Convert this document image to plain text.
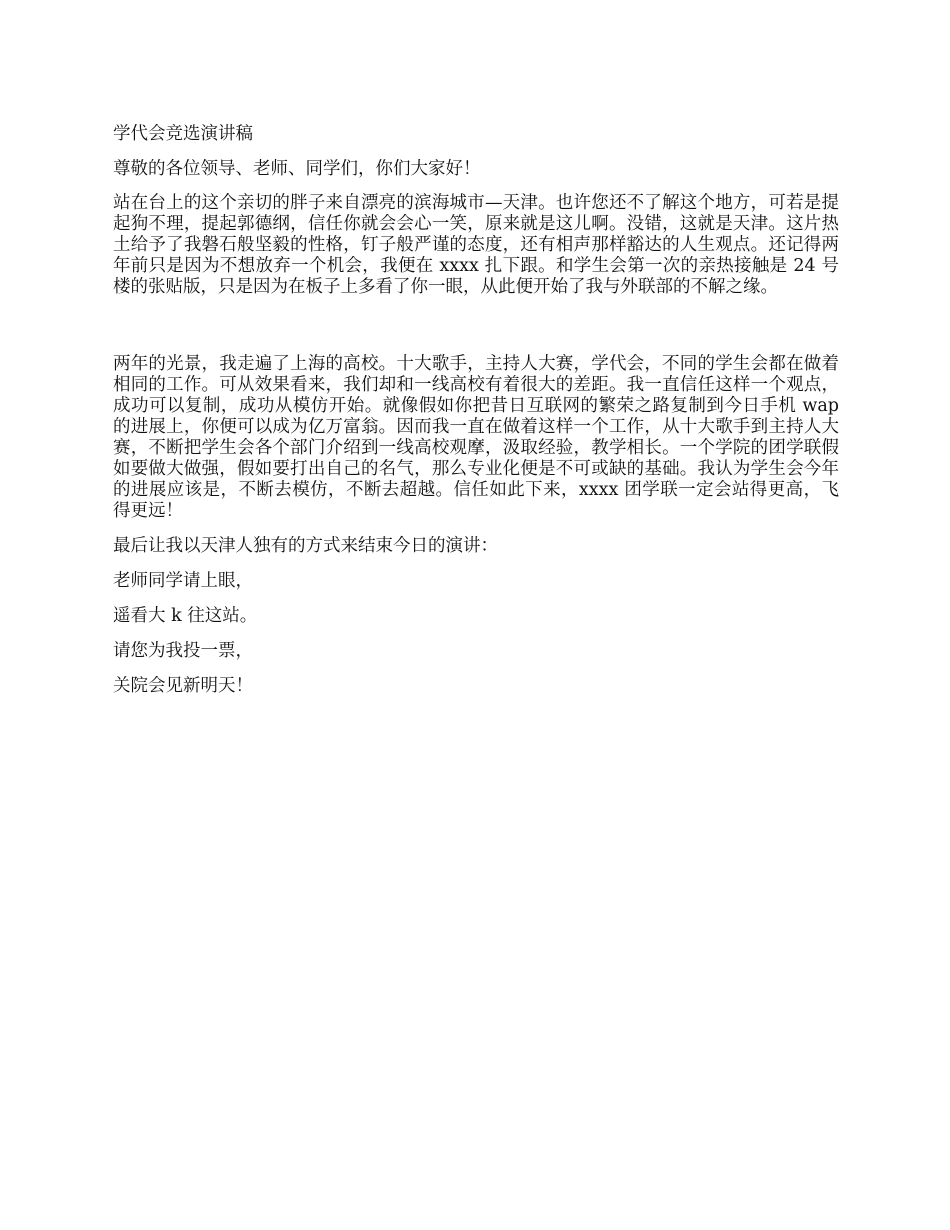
学代会竞选演讲稿

尊敬的各位领导、老师、同学们，你们大家好！

站在台上的这个亲切的胖子来自漂亮的滨海城市—天津。也许您还不了解这个地方，可若是提起狗不理，提起郭德纲，信任你就会会心一笑，原来就是这儿啊。没错，这就是天津。这片热土给予了我磐石般坚毅的性格，钉子般严谨的态度，还有相声那样豁达的人生观点。还记得两年前只是因为不想放弃一个机会，我便在 xxxx 扎下跟。和学生会第一次的亲热接触是 24 号楼的张贴版，只是因为在板子上多看了你一眼，从此便开始了我与外联部的不解之缘。

两年的光景，我走遍了上海的高校。十大歌手，主持人大赛，学代会，不同的学生会都在做着相同的工作。可从效果看来，我们却和一线高校有着很大的差距。我一直信任这样一个观点，成功可以复制，成功从模仿开始。就像假如你把昔日互联网的繁荣之路复制到今日手机 wap 的进展上，你便可以成为亿万富翁。因而我一直在做着这样一个工作，从十大歌手到主持人大赛，不断把学生会各个部门介绍到一线高校观摩，汲取经验，教学相长。一个学院的团学联假如要做大做强，假如要打出自己的名气，那么专业化便是不可或缺的基础。我认为学生会今年的进展应该是，不断去模仿，不断去超越。信任如此下来，xxxx 团学联一定会站得更高，飞得更远！

最后让我以天津人独有的方式来结束今日的演讲：

老师同学请上眼，

遥看大 k 往这站。

请您为我投一票，

关院会见新明天！
